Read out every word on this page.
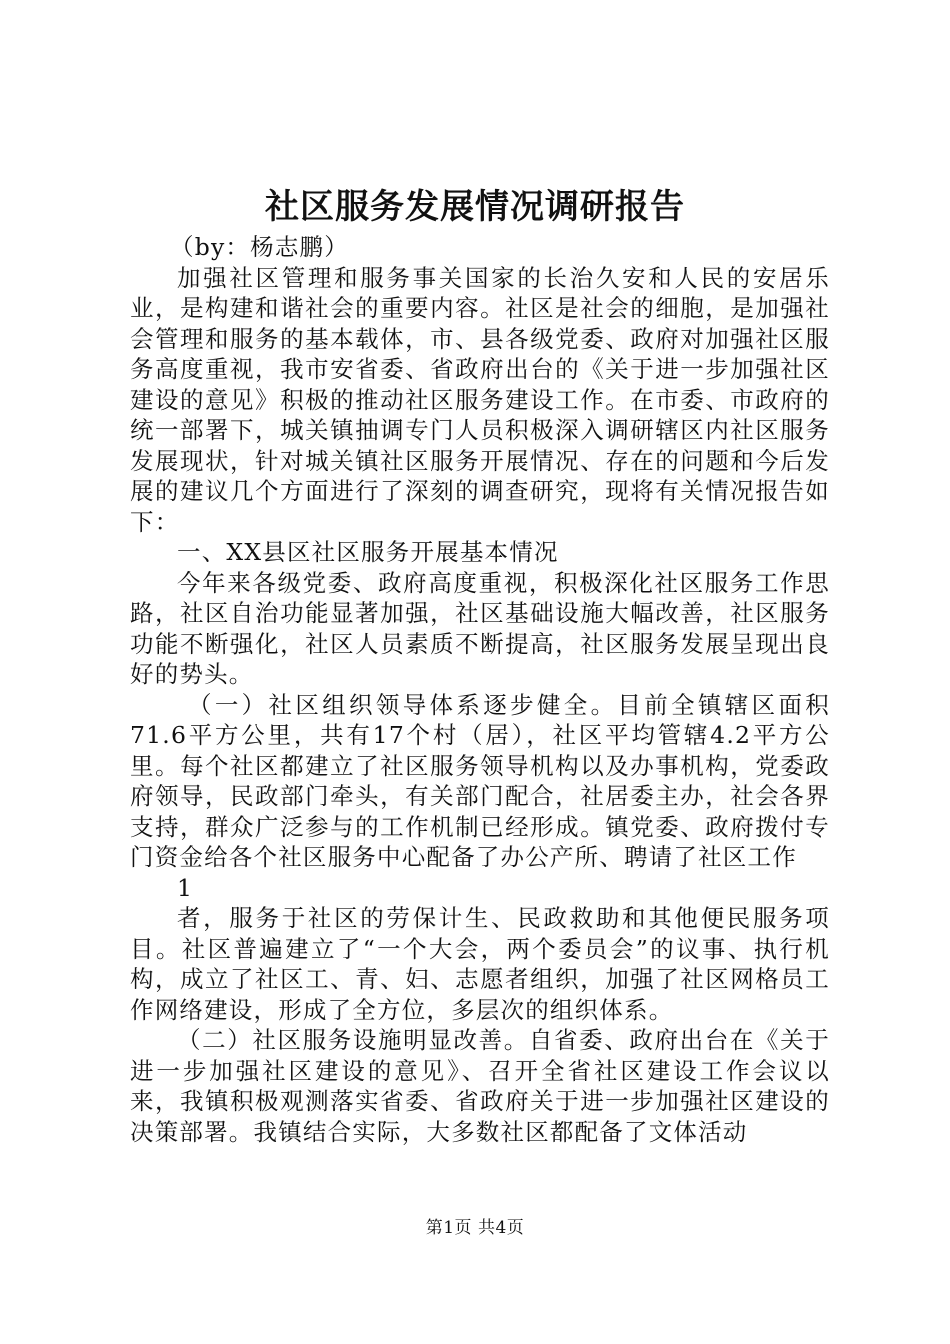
社区服务发展情况调研报告

（by：杨志鹏）

加强社区管理和服务事关国家的长治久安和人民的安居乐业，是构建和谐社会的重要内容。社区是社会的细胞，是加强社会管理和服务的基本载体，市、县各级党委、政府对加强社区服务高度重视，我市安省委、省政府出台的《关于进一步加强社区建设的意见》积极的推动社区服务建设工作。在市委、市政府的统一部署下，城关镇抽调专门人员积极深入调研辖区内社区服务发展现状，针对城关镇社区服务开展情况、存在的问题和今后发展的建议几个方面进行了深刻的调查研究，现将有关情况报告如下：

一、XX县区社区服务开展基本情况

今年来各级党委、政府高度重视，积极深化社区服务工作思路，社区自治功能显著加强，社区基础设施大幅改善，社区服务功能不断强化，社区人员素质不断提高，社区服务发展呈现出良好的势头。

（一）社区组织领导体系逐步健全。目前全镇辖区面积71.6平方公里，共有17个村（居），社区平均管辖4.2平方公里。每个社区都建立了社区服务领导机构以及办事机构，党委政府领导，民政部门牵头，有关部门配合，社居委主办，社会各界支持，群众广泛参与的工作机制已经形成。镇党委、政府拨付专门资金给各个社区服务中心配备了办公产所、聘请了社区工作

1

者，服务于社区的劳保计生、民政救助和其他便民服务项目。社区普遍建立了“一个大会，两个委员会”的议事、执行机构，成立了社区工、青、妇、志愿者组织，加强了社区网格员工作网络建设，形成了全方位，多层次的组织体系。

（二）社区服务设施明显改善。自省委、政府出台在《关于进一步加强社区建设的意见》、召开全省社区建设工作会议以来，我镇积极观测落实省委、省政府关于进一步加强社区建设的决策部署。我镇结合实际，大多数社区都配备了文体活动

第1页 共4页
